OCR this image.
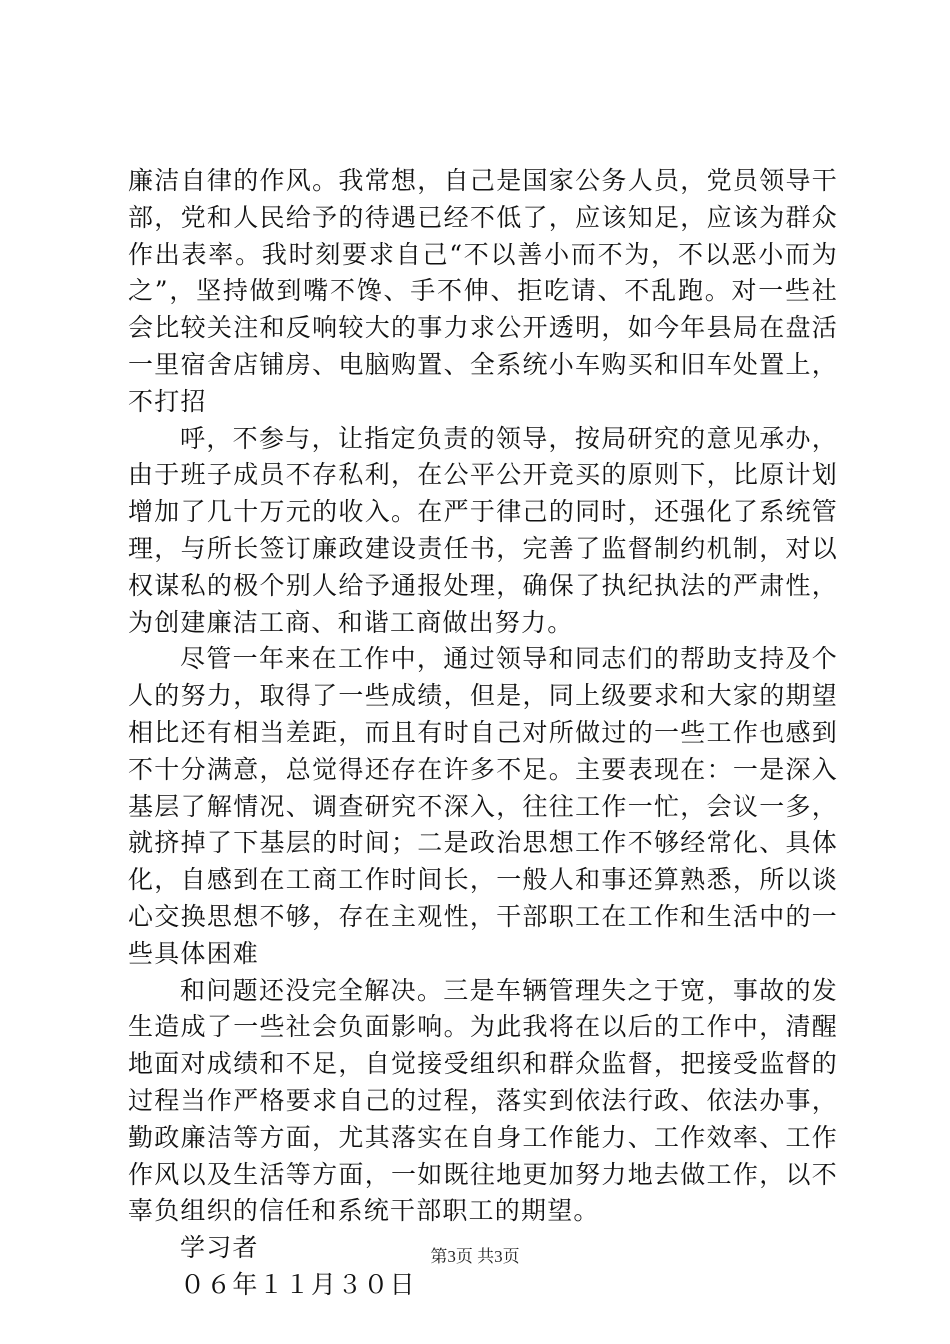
廉洁自律的作风。我常想，自己是国家公务人员，党员领导干部，党和人民给予的待遇已经不低了，应该知足，应该为群众作出表率。我时刻要求自己“不以善小而不为，不以恶小而为之”，坚持做到嘴不馋、手不伸、拒吃请、不乱跑。对一些社会比较关注和反响较大的事力求公开透明，如今年县局在盘活一里宿舍店铺房、电脑购置、全系统小车购买和旧车处置上，不打招

呼，不参与，让指定负责的领导，按局研究的意见承办，由于班子成员不存私利，在公平公开竞买的原则下，比原计划增加了几十万元的收入。在严于律己的同时，还强化了系统管理，与所长签订廉政建设责任书，完善了监督制约机制，对以权谋私的极个别人给予通报处理，确保了执纪执法的严肃性，为创建廉洁工商、和谐工商做出努力。

尽管一年来在工作中，通过领导和同志们的帮助支持及个人的努力，取得了一些成绩，但是，同上级要求和大家的期望相比还有相当差距，而且有时自己对所做过的一些工作也感到不十分满意，总觉得还存在许多不足。主要表现在：一是深入基层了解情况、调查研究不深入，往往工作一忙，会议一多，就挤掉了下基层的时间；二是政治思想工作不够经常化、具体化，自感到在工商工作时间长，一般人和事还算熟悉，所以谈心交换思想不够，存在主观性，干部职工在工作和生活中的一些具体困难

和问题还没完全解决。三是车辆管理失之于宽，事故的发生造成了一些社会负面影响。为此我将在以后的工作中，清醒地面对成绩和不足，自觉接受组织和群众监督，把接受监督的过程当作严格要求自己的过程，落实到依法行政、依法办事，勤政廉洁等方面，尤其落实在自身工作能力、工作效率、工作作风以及生活等方面，一如既往地更加努力地去做工作，以不辜负组织的信任和系统干部职工的期望。

学习者

０６年１１月３０日

第3页 共3页
